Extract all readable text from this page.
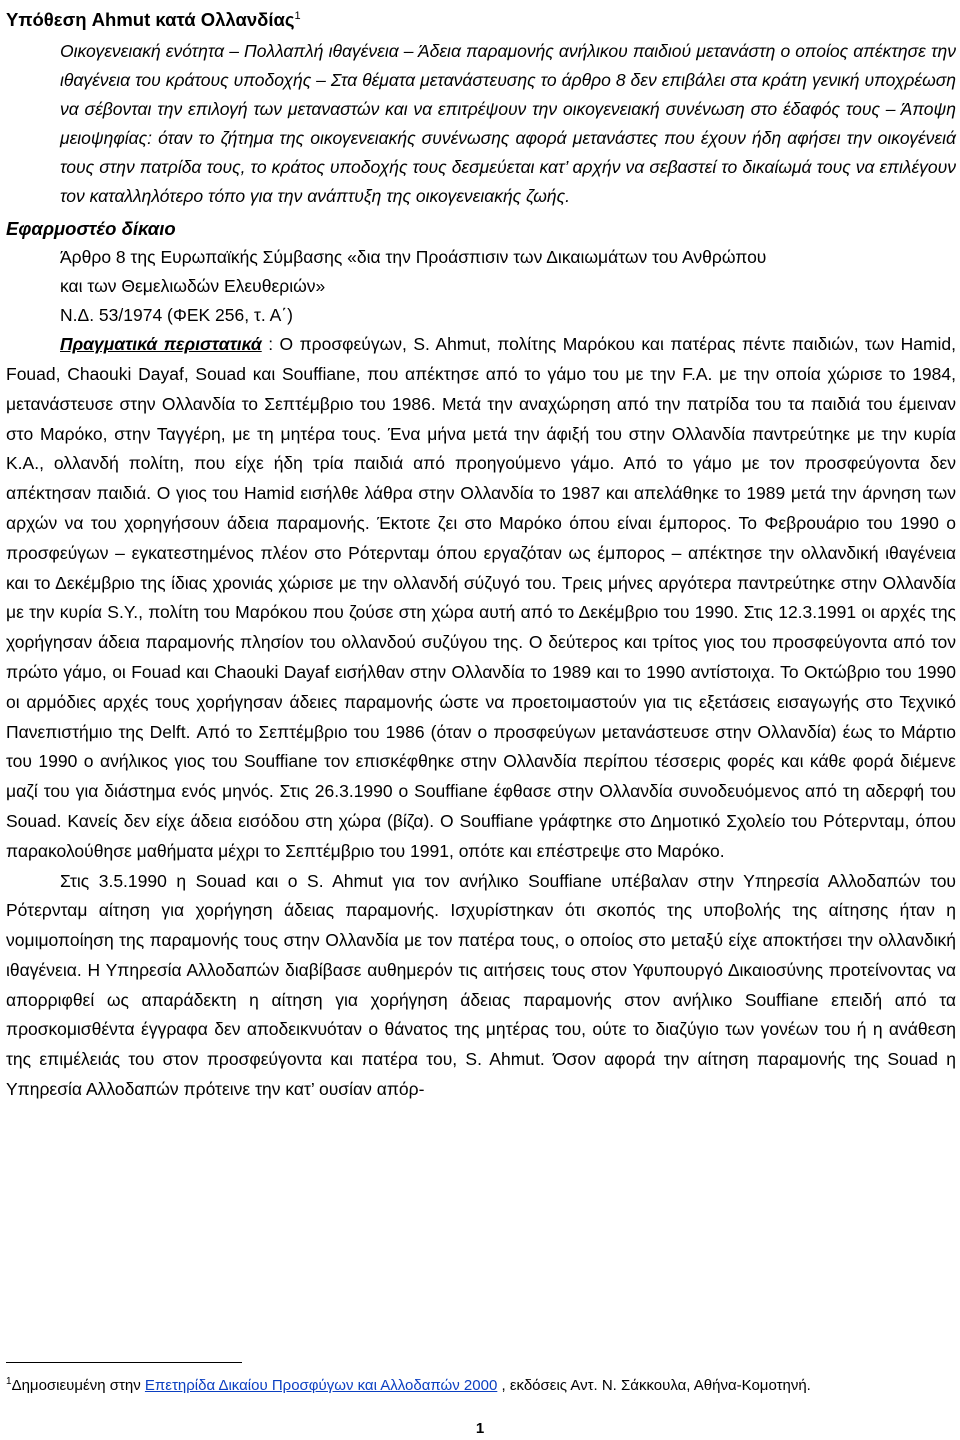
Υπόθεση Ahmut κατά Ολλανδίας$^1$
Οικογενειακή ενότητα – Πολλαπλή ιθαγένεια – Άδεια παραμονής ανήλικου παιδιού μετανάστη ο οποίος απέκτησε την ιθαγένεια του κράτους υποδοχής – Στα θέματα μετανάστευσης το άρθρο 8 δεν επιβάλει στα κράτη γενική υποχρέωση να σέβονται την επιλογή των μεταναστών και να επιτρέψουν την οικογενειακή συνένωση στο έδαφός τους – Άποψη μειοψηφίας: όταν το ζήτημα της οικογενειακής συνένωσης αφορά μετανάστες που έχουν ήδη αφήσει την οικογένειά τους στην πατρίδα τους, το κράτος υποδοχής τους δεσμεύεται κατ’ αρχήν να σεβαστεί το δικαίωμά τους να επιλέγουν τον καταλληλότερο τόπο για την ανάπτυξη της οικογενειακής ζωής.
Εφαρμοστέο δίκαιο
Άρθρο 8 της Ευρωπαϊκής Σύμβασης «δια την Προάσπισιν των Δικαιωμάτων του Ανθρώπου
και των Θεμελιωδών Ελευθεριών»
Ν.Δ. 53/1974 (ΦΕΚ 256, τ. Α΄)

Πραγματικά περιστατικά : Ο προσφεύγων, S. Ahmut, πολίτης Μαρόκου και πατέρας πέντε παιδιών, των Hamid, Fouad, Chaouki Dayaf, Souad και Souffiane, που απέκτησε από το γάμο του με την F.A. με την οποία χώρισε το 1984, μετανάστευσε στην Ολλανδία το Σεπτέμβριο του 1986. Μετά την αναχώρηση από την πατρίδα του τα παιδιά του έμειναν στο Μαρόκο, στην Ταγγέρη, με τη μητέρα τους. Ένα μήνα μετά την άφιξή του στην Ολλανδία παντρεύτηκε με την κυρία Κ.Α., ολλανδή πολίτη, που είχε ήδη τρία παιδιά από προηγούμενο γάμο. Από το γάμο με τον προσφεύγοντα δεν απέκτησαν παιδιά. Ο γιος του Hamid εισήλθε λάθρα στην Ολλανδία το 1987 και απελάθηκε το 1989 μετά την άρνηση των αρχών να του χορηγήσουν άδεια παραμονής. Έκτοτε ζει στο Μαρόκο όπου είναι έμπορος. Το Φεβρουάριο του 1990 ο προσφεύγων – εγκατεστημένος πλέον στο Ρότερνταμ όπου εργαζόταν ως έμπορος – απέκτησε την ολλανδική ιθαγένεια και το Δεκέμβριο της ίδιας χρονιάς χώρισε με την ολλανδή σύζυγό του. Τρεις μήνες αργότερα παντρεύτηκε στην Ολλανδία με την κυρία S.Y., πολίτη του Μαρόκου που ζούσε στη χώρα αυτή από το Δεκέμβριο του 1990. Στις 12.3.1991 οι αρχές της χορήγησαν άδεια παραμονής πλησίον του ολλανδού συζύγου της. Ο δεύτερος και τρίτος γιος του προσφεύγοντα από τον πρώτο γάμο, οι Fouad και Chaouki Dayaf εισήλθαν στην Ολλανδία το 1989 και το 1990 αντίστοιχα. Το Οκτώβριο του 1990 οι αρμόδιες αρχές τους χορήγησαν άδειες παραμονής ώστε να προετοιμαστούν για τις εξετάσεις εισαγωγής στο Τεχνικό Πανεπιστήμιο της Delft. Από το Σεπτέμβριο του 1986 (όταν ο προσφεύγων μετανάστευσε στην Ολλανδία) έως το Μάρτιο του 1990 ο ανήλικος γιος του Souffiane τον επισκέφθηκε στην Ολλανδία περίπου τέσσερις φορές και κάθε φορά διέμενε μαζί του για διάστημα ενός μηνός. Στις 26.3.1990 ο Souffiane έφθασε στην Ολλανδία συνοδευόμενος από τη αδερφή του Souad. Κανείς δεν είχε άδεια εισόδου στη χώρα (βίζα). Ο Souffiane γράφτηκε στο Δημοτικό Σχολείο του Ρότερνταμ, όπου παρακολούθησε μαθήματα μέχρι το Σεπτέμβριο του 1991, οπότε και επέστρεψε στο Μαρόκο.

Στις 3.5.1990 η Souad και ο S. Ahmut για τον ανήλικο Souffiane υπέβαλαν στην Υπηρεσία Αλλοδαπών του Ρότερνταμ αίτηση για χορήγηση άδειας παραμονής. Ισχυρίστηκαν ότι σκοπός της υποβολής της αίτησης ήταν η νομιμοποίηση της παραμονής τους στην Ολλανδία με τον πατέρα τους, ο οποίος στο μεταξύ είχε αποκτήσει την ολλανδική ιθαγένεια. Η Υπηρεσία Αλλοδαπών διαβίβασε αυθημερόν τις αιτήσεις τους στον Υφυπουργό Δικαιοσύνης προτείνοντας να απορριφθεί ως απαράδεκτη η αίτηση για χορήγηση άδειας παραμονής στον ανήλικο Souffiane επειδή από τα προσκομισθέντα έγγραφα δεν αποδεικνυόταν ο θάνατος της μητέρας του, ούτε το διαζύγιο των γονέων του ή η ανάθεση της επιμέλειάς του στον προσφεύγοντα και πατέρα του, S. Ahmut. Όσον αφορά την αίτηση παραμονής της Souad η Υπηρεσία Αλλοδαπών πρότεινε την κατ’ ουσίαν απόρ-

$^1$Δημοσιευμένη στην Επετηρίδα Δικαίου Προσφύγων και Αλλοδαπών 2000 , εκδόσεις Αντ. Ν. Σάκκουλα, Αθήνα-Κομοτηνή.
1
